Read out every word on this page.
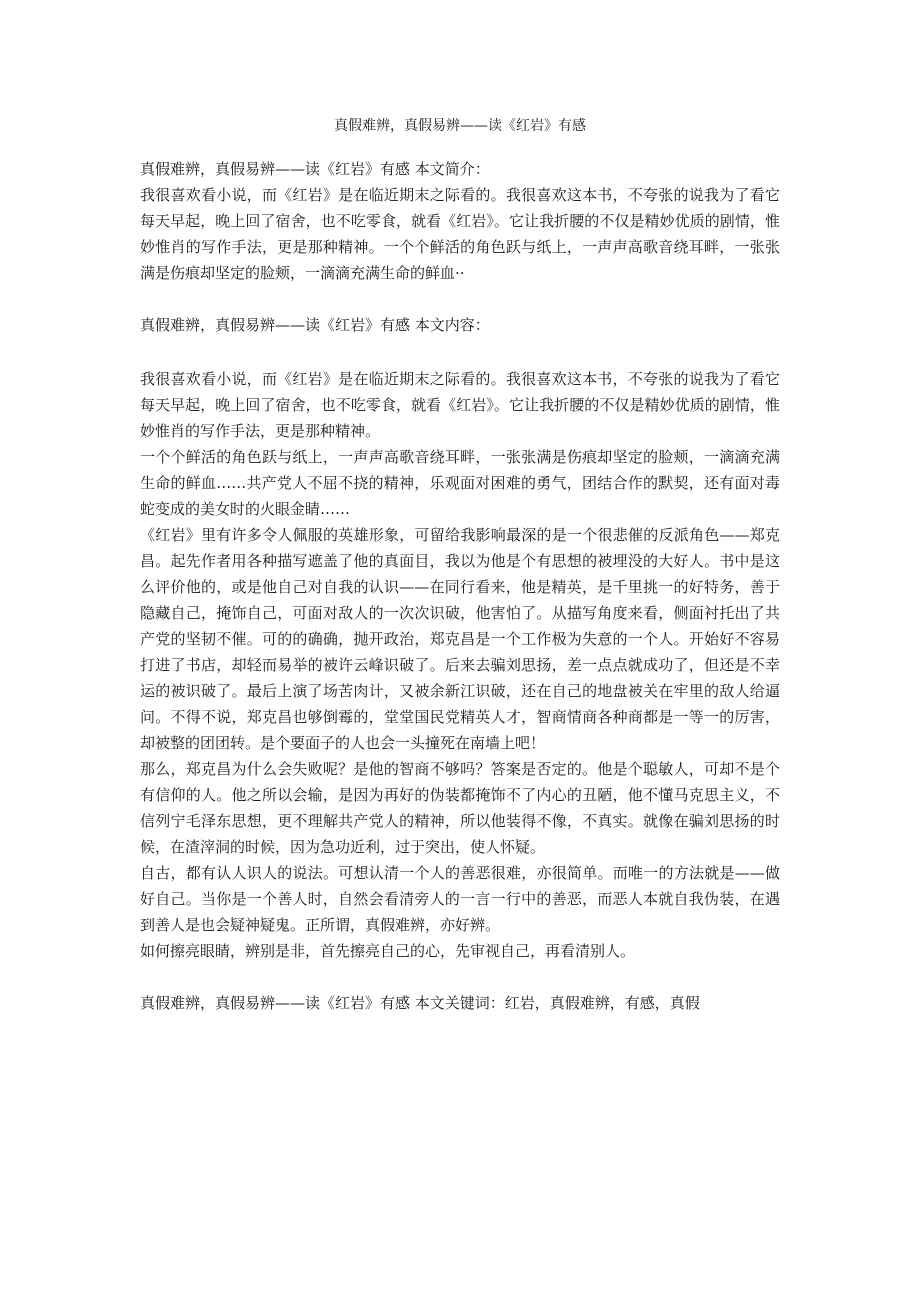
真假难辨，真假易辨——读《红岩》有感

真假难辨，真假易辨——读《红岩》有感 本文简介：

我很喜欢看小说，而《红岩》是在临近期末之际看的。我很喜欢这本书，不夸张的说我为了看它每天早起，晚上回了宿舍，也不吃零食，就看《红岩》。它让我折腰的不仅是精妙优质的剧情，惟妙惟肖的写作手法，更是那种精神。一个个鲜活的角色跃与纸上，一声声高歌音绕耳畔，一张张满是伤痕却坚定的脸颊，一滴滴充满生命的鲜血··

真假难辨，真假易辨——读《红岩》有感 本文内容：

我很喜欢看小说，而《红岩》是在临近期末之际看的。我很喜欢这本书，不夸张的说我为了看它每天早起，晚上回了宿舍，也不吃零食，就看《红岩》。它让我折腰的不仅是精妙优质的剧情，惟妙惟肖的写作手法，更是那种精神。

一个个鲜活的角色跃与纸上，一声声高歌音绕耳畔，一张张满是伤痕却坚定的脸颊，一滴滴充满生命的鲜血……共产党人不屈不挠的精神，乐观面对困难的勇气，团结合作的默契，还有面对毒蛇变成的美女时的火眼金睛……

《红岩》里有许多令人佩服的英雄形象，可留给我影响最深的是一个很悲催的反派角色——郑克昌。起先作者用各种描写遮盖了他的真面目，我以为他是个有思想的被埋没的大好人。书中是这么评价他的，或是他自己对自我的认识——在同行看来，他是精英，是千里挑一的好特务，善于隐藏自己，掩饰自己，可面对敌人的一次次识破，他害怕了。从描写角度来看，侧面衬托出了共产党的坚韧不催。可的的确确，抛开政治，郑克昌是一个工作极为失意的一个人。开始好不容易打进了书店，却轻而易举的被许云峰识破了。后来去骗刘思扬，差一点点就成功了，但还是不幸运的被识破了。最后上演了场苦肉计，又被余新江识破，还在自己的地盘被关在牢里的敌人给逼问。不得不说，郑克昌也够倒霉的，堂堂国民党精英人才，智商情商各种商都是一等一的厉害，却被整的团团转。是个要面子的人也会一头撞死在南墙上吧！

那么，郑克昌为什么会失败呢？是他的智商不够吗？答案是否定的。他是个聪敏人，可却不是个有信仰的人。他之所以会输，是因为再好的伪装都掩饰不了内心的丑陋，他不懂马克思主义，不信列宁毛泽东思想，更不理解共产党人的精神，所以他装得不像，不真实。就像在骗刘思扬的时候，在渣滓洞的时候，因为急功近利，过于突出，使人怀疑。

自古，都有认人识人的说法。可想认清一个人的善恶很难，亦很简单。而唯一的方法就是——做好自己。当你是一个善人时，自然会看清旁人的一言一行中的善恶，而恶人本就自我伪装，在遇到善人是也会疑神疑鬼。正所谓，真假难辨，亦好辨。

如何擦亮眼睛，辨别是非，首先擦亮自己的心，先审视自己，再看清别人。

真假难辨，真假易辨——读《红岩》有感 本文关键词：红岩，真假难辨，有感，真假
